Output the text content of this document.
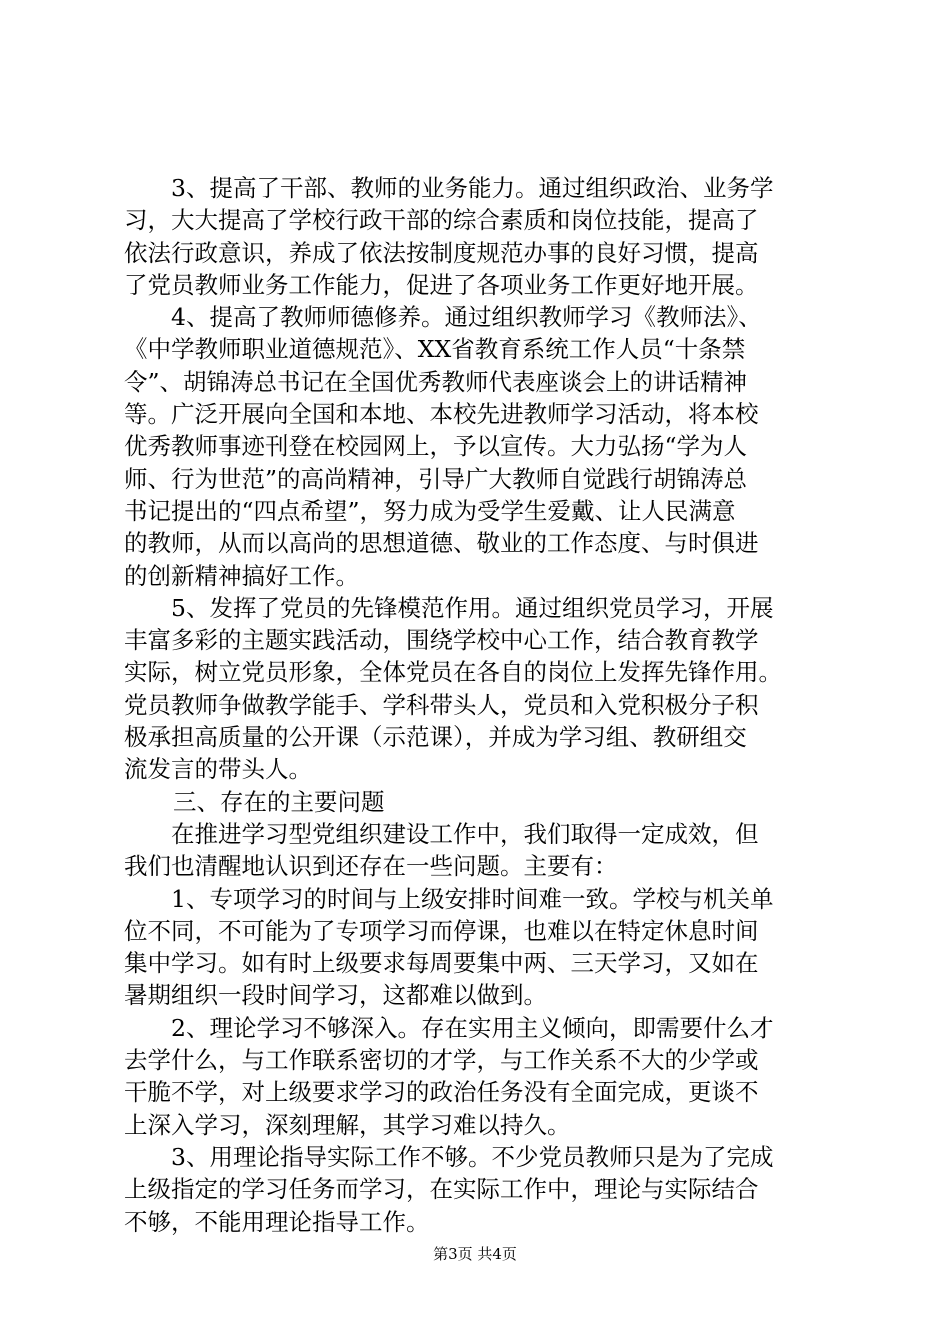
3、提高了干部、教师的业务能力。通过组织政治、业务学
习，大大提高了学校行政干部的综合素质和岗位技能，提高了
依法行政意识，养成了依法按制度规范办事的良好习惯，提高
了党员教师业务工作能力，促进了各项业务工作更好地开展。
4、提高了教师师德修养。通过组织教师学习《教师法》、
《中学教师职业道德规范》、XX省教育系统工作人员“十条禁
令”、胡锦涛总书记在全国优秀教师代表座谈会上的讲话精神
等。广泛开展向全国和本地、本校先进教师学习活动，将本校
优秀教师事迹刊登在校园网上，予以宣传。大力弘扬“学为人
师、行为世范”的高尚精神，引导广大教师自觉践行胡锦涛总
书记提出的“四点希望”，努力成为受学生爱戴、让人民满意
的教师，从而以高尚的思想道德、敬业的工作态度、与时俱进
的创新精神搞好工作。
5、发挥了党员的先锋模范作用。通过组织党员学习，开展
丰富多彩的主题实践活动，围绕学校中心工作，结合教育教学
实际，树立党员形象，全体党员在各自的岗位上发挥先锋作用。
党员教师争做教学能手、学科带头人，党员和入党积极分子积
极承担高质量的公开课（示范课），并成为学习组、教研组交
流发言的带头人。
三、存在的主要问题
在推进学习型党组织建设工作中，我们取得一定成效，但
我们也清醒地认识到还存在一些问题。主要有：
1、专项学习的时间与上级安排时间难一致。学校与机关单
位不同，不可能为了专项学习而停课，也难以在特定休息时间
集中学习。如有时上级要求每周要集中两、三天学习，又如在
暑期组织一段时间学习，这都难以做到。
2、理论学习不够深入。存在实用主义倾向，即需要什么才
去学什么，与工作联系密切的才学，与工作关系不大的少学或
干脆不学，对上级要求学习的政治任务没有全面完成，更谈不
上深入学习，深刻理解，其学习难以持久。
3、用理论指导实际工作不够。不少党员教师只是为了完成
上级指定的学习任务而学习，在实际工作中，理论与实际结合
不够，不能用理论指导工作。
第3页 共4页
